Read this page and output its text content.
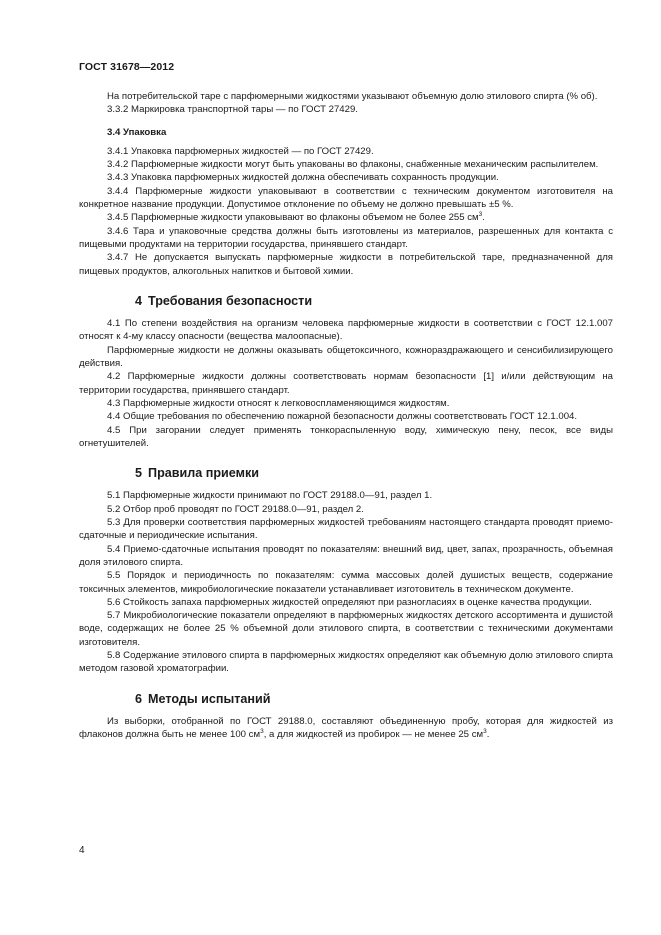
ГОСТ 31678—2012

На потребительской таре с парфюмерными жидкостями указывают объемную долю этилового спирта (% об).

3.3.2 Маркировка транспортной тары — по ГОСТ 27429.

3.4 Упаковка

3.4.1 Упаковка парфюмерных жидкостей — по ГОСТ 27429.

3.4.2 Парфюмерные жидкости могут быть упакованы во флаконы, снабженные механическим распылителем.

3.4.3 Упаковка парфюмерных жидкостей должна обеспечивать сохранность продукции.

3.4.4 Парфюмерные жидкости упаковывают в соответствии с техническим документом изготовителя на конкретное название продукции. Допустимое отклонение по объему не должно превышать ±5 %.

3.4.5 Парфюмерные жидкости упаковывают во флаконы объемом не более 255 $см^3$.

3.4.6 Тара и упаковочные средства должны быть изготовлены из материалов, разрешенных для контакта с пищевыми продуктами на территории государства, принявшего стандарт.

3.4.7 Не допускается выпускать парфюмерные жидкости в потребительской таре, предназначенной для пищевых продуктов, алкогольных напитков и бытовой химии.

4 Требования безопасности

4.1 По степени воздействия на организм человека парфюмерные жидкости в соответствии с ГОСТ 12.1.007 относят к 4-му классу опасности (вещества малоопасные).

Парфюмерные жидкости не должны оказывать общетоксичного, кожнораздражающего и сенсибилизирующего действия.

4.2 Парфюмерные жидкости должны соответствовать нормам безопасности [1] и/или действующим на территории государства, принявшего стандарт.

4.3 Парфюмерные жидкости относят к легковоспламеняющимся жидкостям.

4.4 Общие требования по обеспечению пожарной безопасности должны соответствовать ГОСТ 12.1.004.

4.5 При загорании следует применять тонкораспыленную воду, химическую пену, песок, все виды огнетушителей.

5 Правила приемки

5.1 Парфюмерные жидкости принимают по ГОСТ 29188.0—91, раздел 1.

5.2 Отбор проб проводят по ГОСТ 29188.0—91, раздел 2.

5.3 Для проверки соответствия парфюмерных жидкостей требованиям настоящего стандарта проводят приемо-сдаточные и периодические испытания.

5.4 Приемо-сдаточные испытания проводят по показателям: внешний вид, цвет, запах, прозрачность, объемная доля этилового спирта.

5.5 Порядок и периодичность по показателям: сумма массовых долей душистых веществ, содержание токсичных элементов, микробиологические показатели устанавливает изготовитель в техническом документе.

5.6 Стойкость запаха парфюмерных жидкостей определяют при разногласиях в оценке качества продукции.

5.7 Микробиологические показатели определяют в парфюмерных жидкостях детского ассортимента и душистой воде, содержащих не более 25 % объемной доли этилового спирта, в соответствии с техническими документами изготовителя.

5.8 Содержание этилового спирта в парфюмерных жидкостях определяют как объемную долю этилового спирта методом газовой хроматографии.

6 Методы испытаний

Из выборки, отобранной по ГОСТ 29188.0, составляют объединенную пробу, которая для жидкостей из флаконов должна быть не менее 100 $см^3$, а для жидкостей из пробирок — не менее 25 $см^3$.

4
